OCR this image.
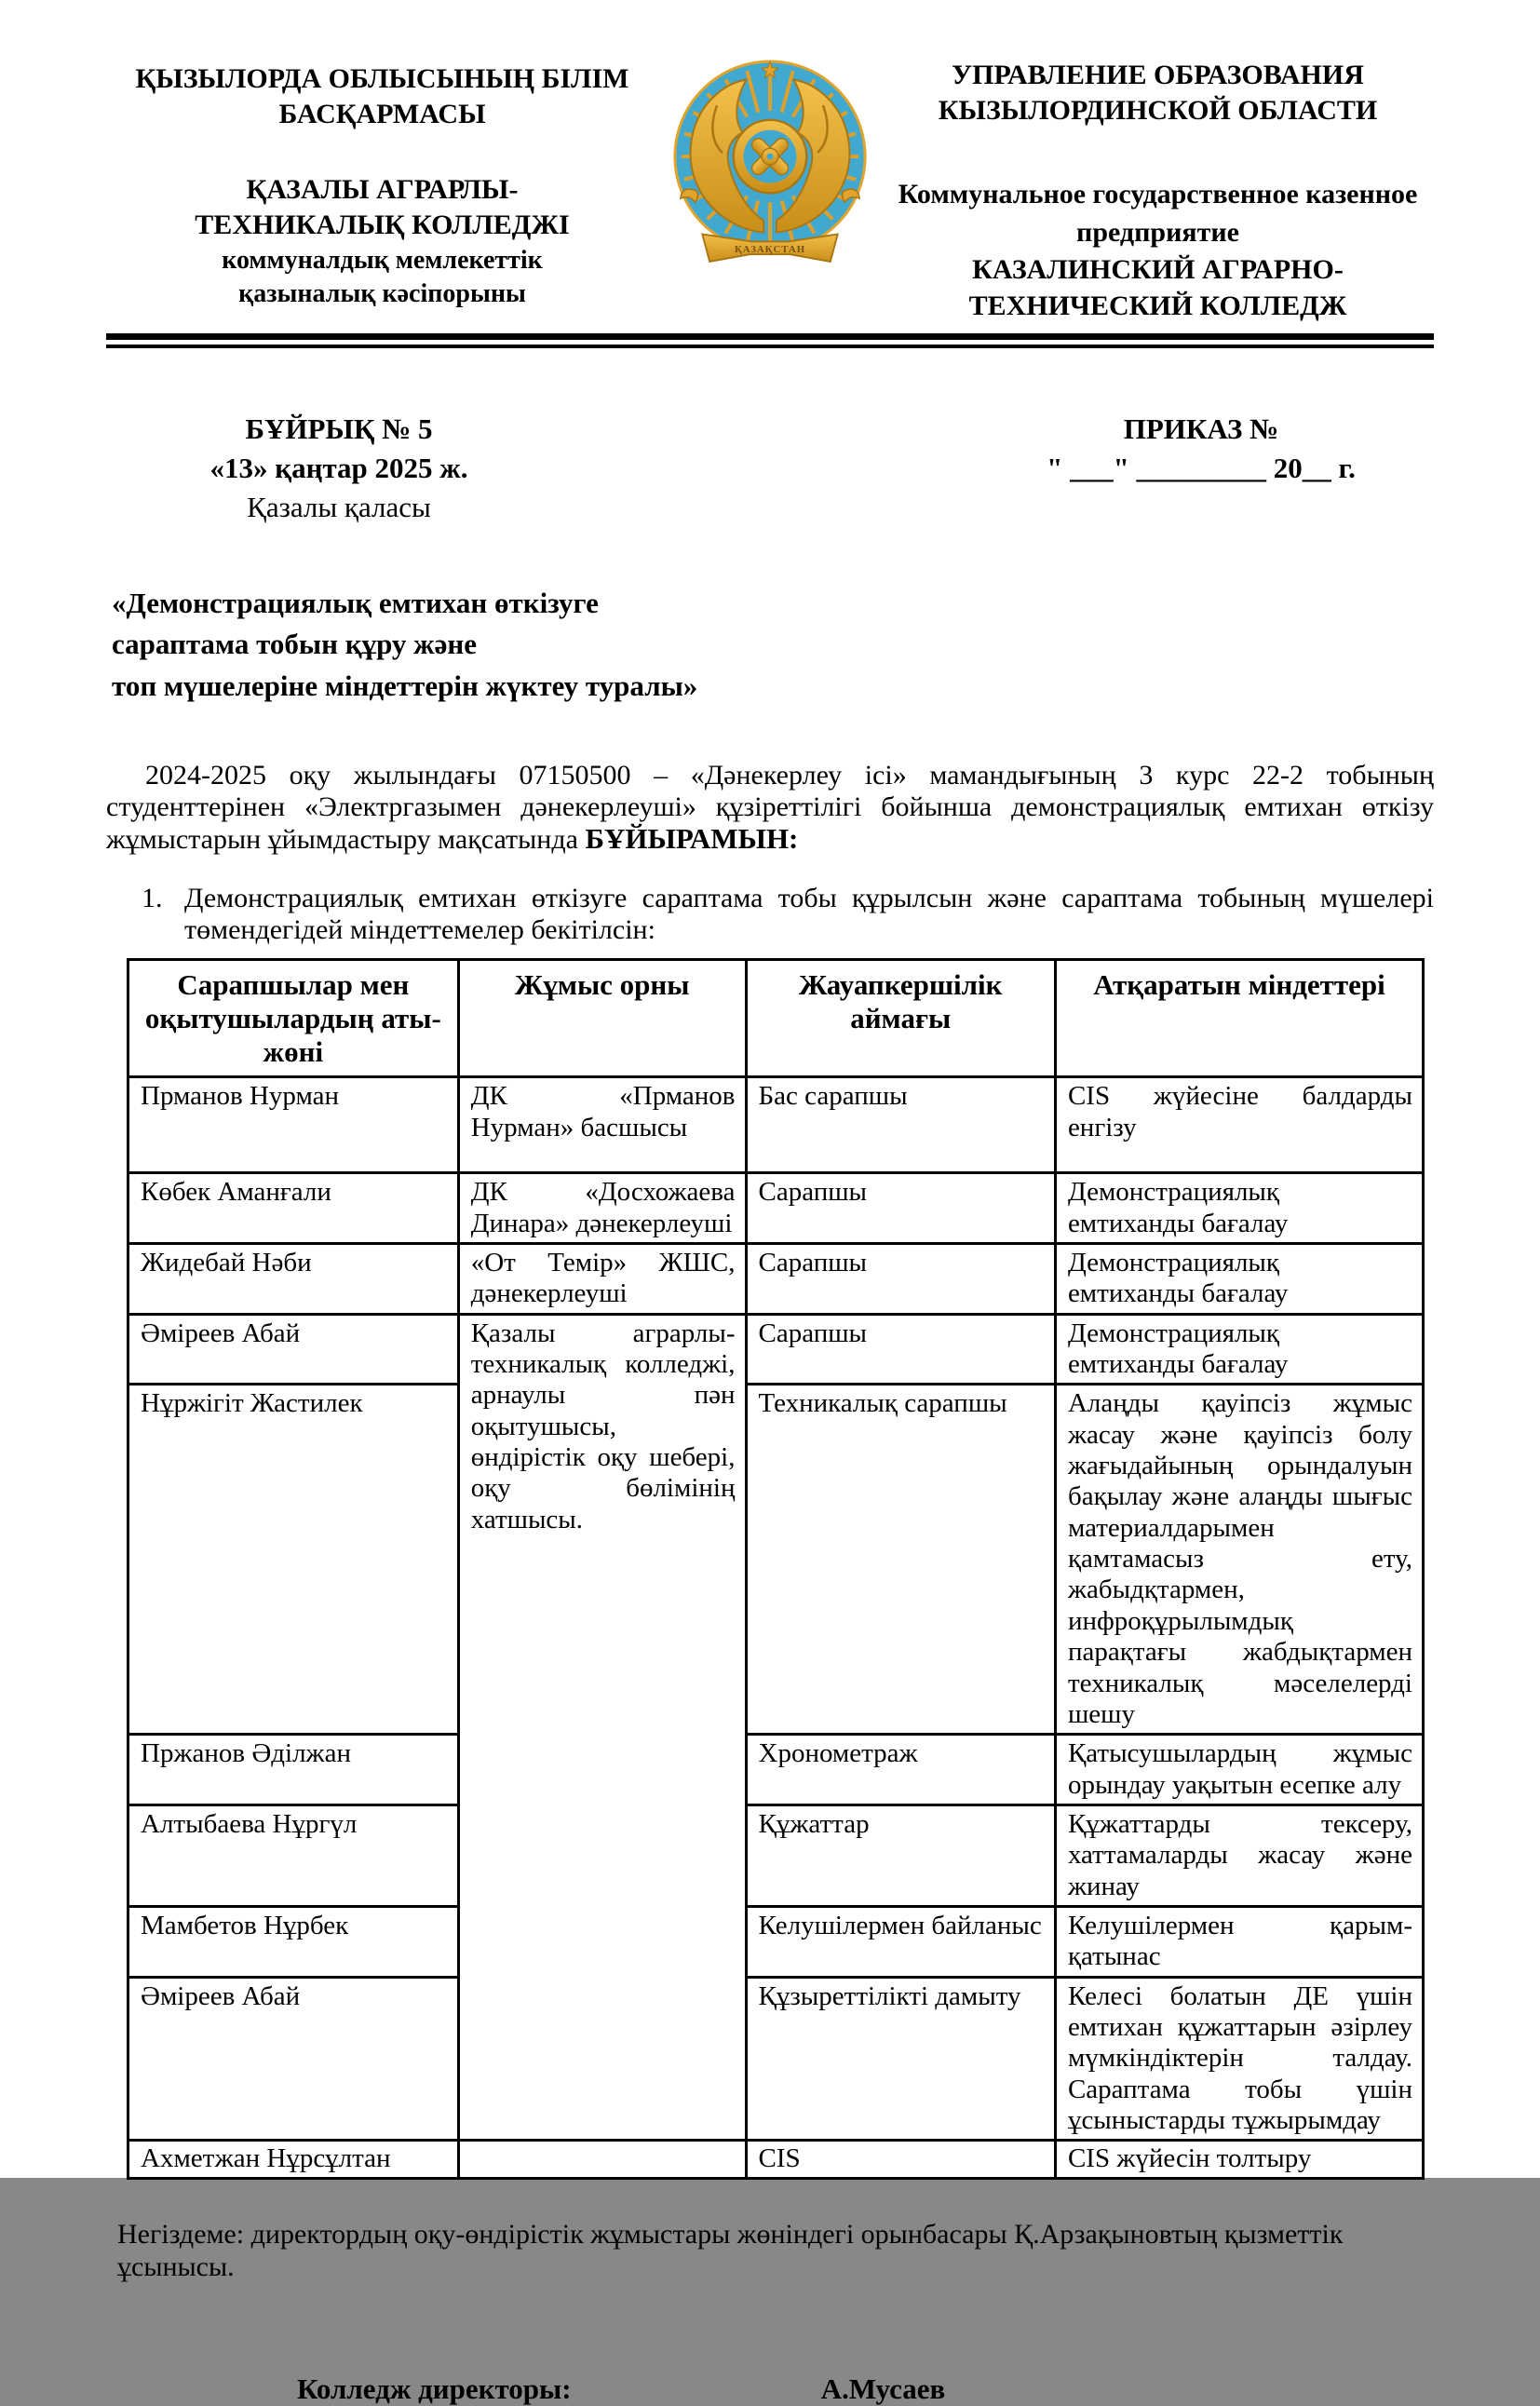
ҚЫЗЫЛОРДА ОБЛЫСЫНЫҢ БІЛІМ БАСҚАРМАСЫ
ҚАЗАЛЫ АГРАРЛЫ-ТЕХНИКАЛЫҚ КОЛЛЕДЖІ
коммуналдық мемлекеттік қазыналық кәсіпорыны
ҚАЗАҚСТАН
УПРАВЛЕНИЕ ОБРАЗОВАНИЯ КЫЗЫЛОРДИНСКОЙ ОБЛАСТИ
Коммунальное государственное казенное предприятие
КАЗАЛИНСКИЙ АГРАРНО-ТЕХНИЧЕСКИЙ КОЛЛЕДЖ
БҰЙРЫҚ № 5
«13» қаңтар 2025 ж.
Қазалы қаласы
ПРИКАЗ №
" ___" _________ 20__ г.
«Демонстрациялық емтихан өткізуге
сараптама тобын құру және
топ мүшелеріне міндеттерін жүктеу туралы»

2024-2025 оқу жылындағы 07150500 – «Дәнекерлеу ісі» мамандығының 3 курс 22-2 тобының студенттерінен «Электргазымен дәнекерлеуші» құзіреттілігі бойынша демонстрациялық емтихан өткізу жұмыстарын ұйымдастыру мақсатында БҰЙЫРАМЫН:

1. Демонстрациялық емтихан өткізуге сараптама тобы құрылсын және сараптама тобының мүшелері төмендегідей міндеттемелер бекітілсін:
Сарапшылар мен оқытушылардың аты-жөні	Жұмыс орны	Жауапкершілік аймағы	Атқаратын міндеттері
Прманов Нурман	ДК «Прманов Нурман» басшысы	Бас сарапшы	CIS жүйесіне балдарды енгізу
Көбек Аманғали	ДК «Досхожаева Динара» дәнекерлеуші	Сарапшы	Демонстрациялық емтиханды бағалау
Жидебай Нәби	«От Темір» ЖШС, дәнекерлеуші	Сарапшы	Демонстрациялық емтиханды бағалау
Әміреев Абай	Қазалы аграрлы-техникалық колледжі, арнаулы пән оқытушысы, өндірістік оқу шебері, оқу бөлімінің хатшысы.	Сарапшы	Демонстрациялық емтиханды бағалау
Нұржігіт Жастилек		Техникалық сарапшы	Алаңды қауіпсіз жұмыс жасау және қауіпсіз болу жағыдайының орындалуын бақылау және алаңды шығыс материалдарымен қамтамасыз ету, жабыдқтармен, инфроқұрылымдық парақтағы жабдықтармен техникалық мәселелерді шешу
Пржанов Әділжан		Хронометраж	Қатысушылардың жұмыс орындау уақытын есепке алу
Алтыбаева Нұргүл		Құжаттар	Құжаттарды тексеру, хаттамаларды жасау және жинау
Мамбетов Нұрбек		Келушілермен байланыс	Келушілермен қарым-қатынас
Әміреев Абай		Құзыреттілікті дамыту	Келесі болатын ДЕ үшін емтихан құжаттарын әзірлеу мүмкіндіктерін талдау. Сараптама тобы үшін ұсыныстарды тұжырымдау
Ахметжан Нұрсұлтан		CIS	CIS жүйесін толтыру
Негіздеме: директордың оқу-өндірістік жұмыстары жөніндегі орынбасары Қ.Арзақыновтың қызметтік ұсынысы.
Колледж директоры:	А.Мусаев
